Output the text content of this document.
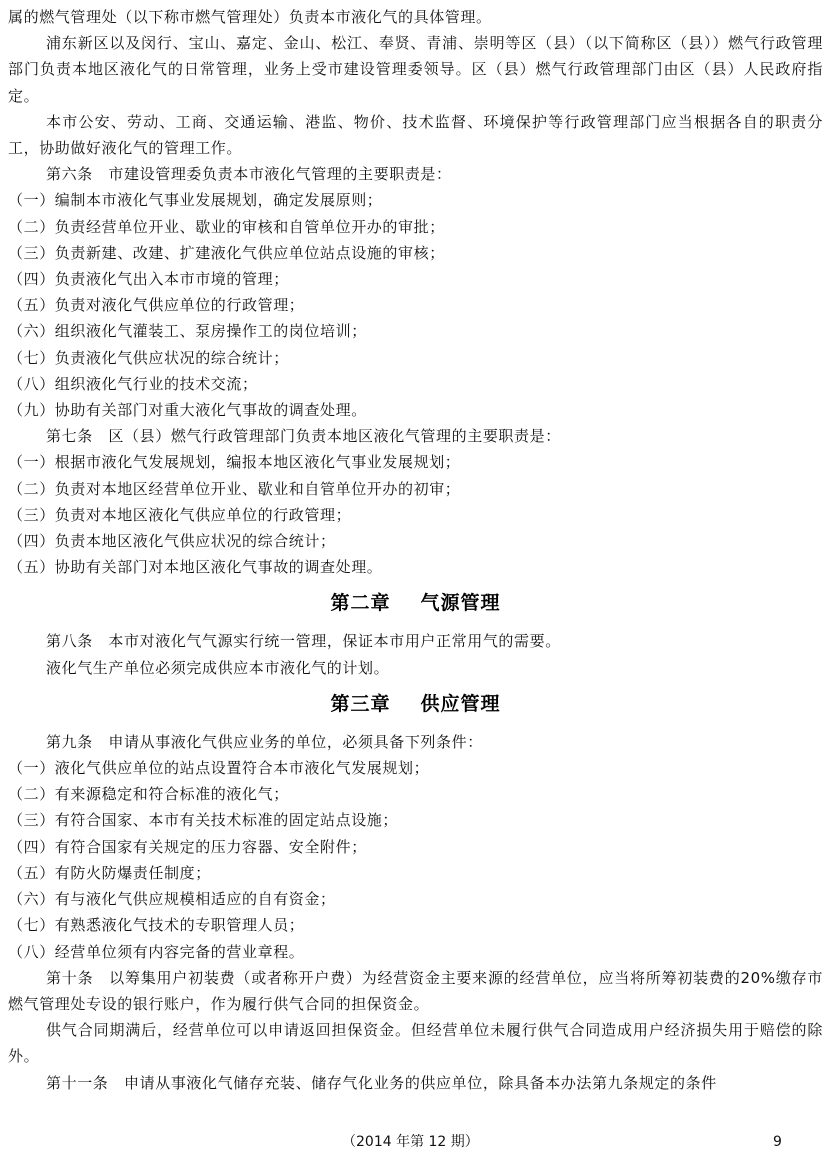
属的燃气管理处（以下称市燃气管理处）负责本市液化气的具体管理。

浦东新区以及闵行、宝山、嘉定、金山、松江、奉贤、青浦、崇明等区（县）（以下简称区（县））燃气行政管理部门负责本地区液化气的日常管理，业务上受市建设管理委领导。区（县）燃气行政管理部门由区（县）人民政府指定。

本市公安、劳动、工商、交通运输、港监、物价、技术监督、环境保护等行政管理部门应当根据各自的职责分工，协助做好液化气的管理工作。

第六条　 市建设管理委负责本市液化气管理的主要职责是：

（一）编制本市液化气事业发展规划，确定发展原则；

（二）负责经营单位开业、歇业的审核和自管单位开办的审批；

（三）负责新建、改建、扩建液化气供应单位站点设施的审核；

（四）负责液化气出入本市市境的管理；

（五）负责对液化气供应单位的行政管理；

（六）组织液化气灌装工、泵房操作工的岗位培训；

（七）负责液化气供应状况的综合统计；

（八）组织液化气行业的技术交流；

（九）协助有关部门对重大液化气事故的调查处理。

第七条　 区（县）燃气行政管理部门负责本地区液化气管理的主要职责是：

（一）根据市液化气发展规划，编报本地区液化气事业发展规划；

（二）负责对本地区经营单位开业、歇业和自管单位开办的初审；

（三）负责对本地区液化气供应单位的行政管理；

（四）负责本地区液化气供应状况的综合统计；

（五）协助有关部门对本地区液化气事故的调查处理。

第二章 气源管理

第八条　 本市对液化气气源实行统一管理，保证本市用户正常用气的需要。

液化气生产单位必须完成供应本市液化气的计划。

第三章 供应管理

第九条　 申请从事液化气供应业务的单位，必须具备下列条件：

（一）液化气供应单位的站点设置符合本市液化气发展规划；

（二）有来源稳定和符合标准的液化气；

（三）有符合国家、本市有关技术标准的固定站点设施；

（四）有符合国家有关规定的压力容器、安全附件；

（五）有防火防爆责任制度；

（六）有与液化气供应规模相适应的自有资金；

（七）有熟悉液化气技术的专职管理人员；

（八）经营单位须有内容完备的营业章程。

第十条　 以筹集用户初装费（或者称开户费）为经营资金主要来源的经营单位，应当将所筹初装费的20%缴存市燃气管理处专设的银行账户，作为履行供气合同的担保资金。

供气合同期满后，经营单位可以申请返回担保资金。但经营单位未履行供气合同造成用户经济损失用于赔偿的除外。

第十一条　 申请从事液化气储存充装、储存气化业务的供应单位，除具备本办法第九条规定的条件

（2014 年第 12 期）	9
